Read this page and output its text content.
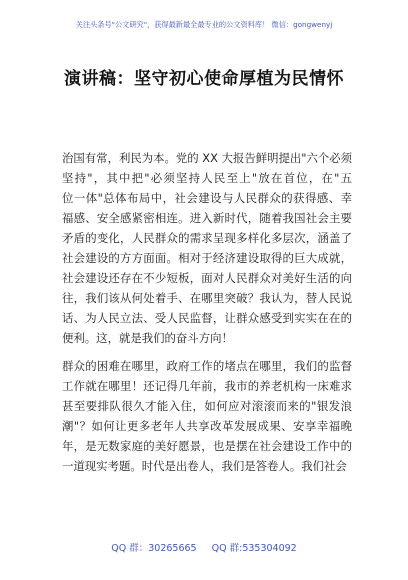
关注头条号"公文研究"，获得最新最全最专业的公文资料库！ 微信：gongwenyj
演讲稿：坚守初心使命厚植为民情怀
治国有常，利民为本。党的 XX 大报告鲜明提出"六个必须
坚持"，其中把"必须坚持人民至上"放在首位，在"五
位一体"总体布局中，社会建设与人民群众的获得感、幸
福感、安全感紧密相连。进入新时代，随着我国社会主要
矛盾的变化，人民群众的需求呈现多样化多层次，涵盖了
社会建设的方方面面。相对于经济建设取得的巨大成就，
社会建设还存在不少短板，面对人民群众对美好生活的向
往，我们该从何处着手、在哪里突破？我认为，替人民说
话、为人民立法、受人民监督，让群众感受到实实在在的
便利。这，就是我们的奋斗方向！
群众的困难在哪里，政府工作的堵点在哪里，我们的监督
工作就在哪里！还记得几年前，我市的养老机构一床难求
甚至要排队很久才能入住，如何应对滚滚而来的"银发浪
潮"？如何让更多老年人共享改革发展成果、安享幸福晚
年，是无数家庭的美好愿景，也是摆在社会建设工作中的
一道现实考题。时代是出卷人，我们是答卷人。我们社会
QQ 群：30265665 QQ 群:535304092
